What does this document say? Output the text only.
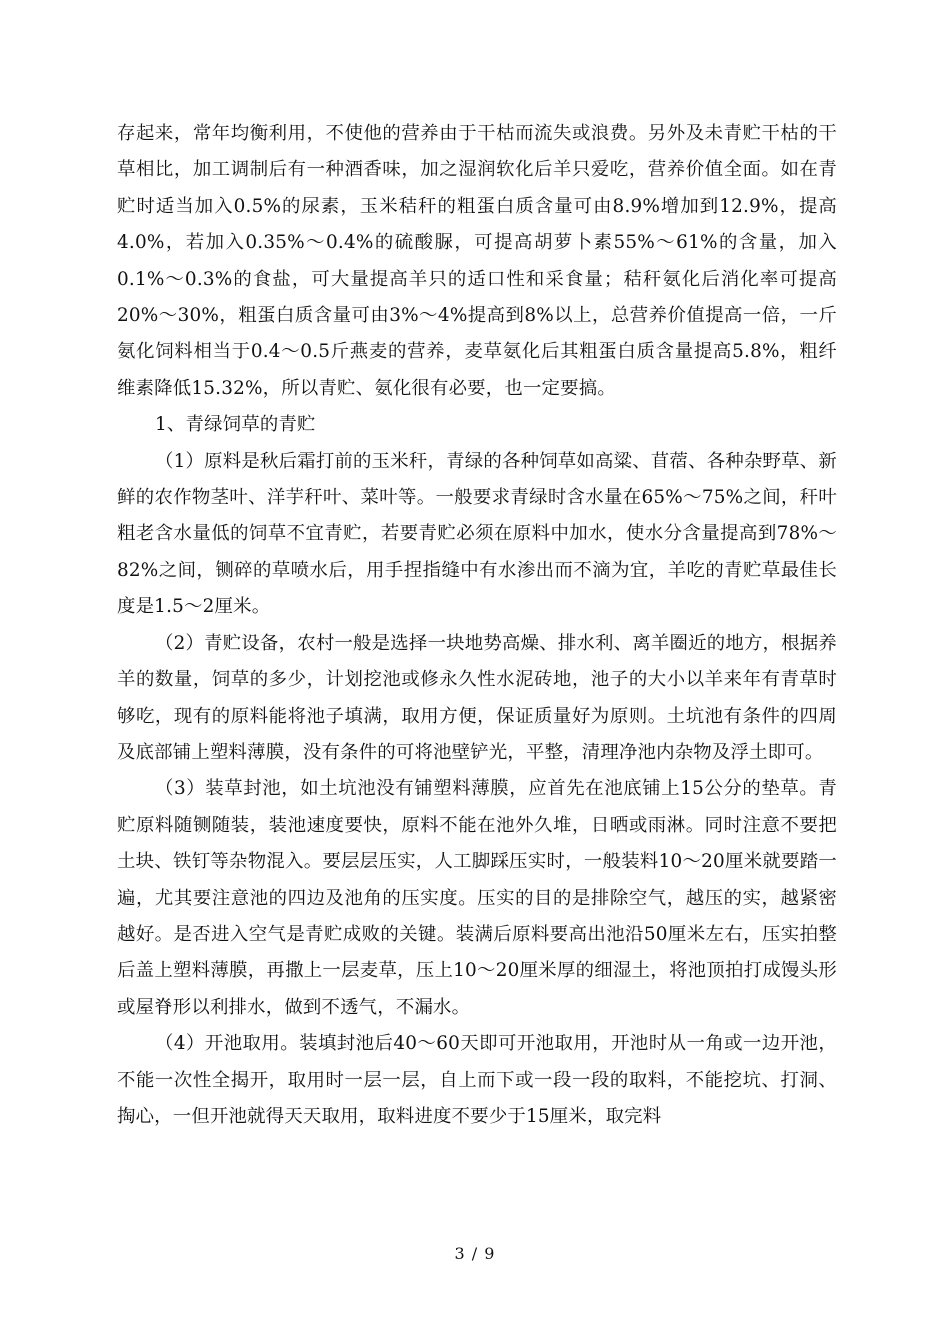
存起来，常年均衡利用，不使他的营养由于干枯而流失或浪费。另外及未青贮干枯的干草相比，加工调制后有一种酒香味，加之湿润软化后羊只爱吃，营养价值全面。如在青贮时适当加入0.5%的尿素，玉米秸秆的粗蛋白质含量可由8.9%增加到12.9%，提高4.0%，若加入0.35%～0.4%的硫酸脲，可提高胡萝卜素55%～61%的含量，加入0.1%～0.3%的食盐，可大量提高羊只的适口性和采食量；秸秆氨化后消化率可提高20%～30%，粗蛋白质含量可由3%～4%提高到8%以上，总营养价值提高一倍，一斤氨化饲料相当于0.4～0.5斤燕麦的营养，麦草氨化后其粗蛋白质含量提高5.8%，粗纤维素降低15.32%，所以青贮、氨化很有必要，也一定要搞。

1、青绿饲草的青贮

（1）原料是秋后霜打前的玉米秆，青绿的各种饲草如高粱、苜蓿、各种杂野草、新鲜的农作物茎叶、洋芋秆叶、菜叶等。一般要求青绿时含水量在65%～75%之间，秆叶粗老含水量低的饲草不宜青贮，若要青贮必须在原料中加水，使水分含量提高到78%～82%之间，铡碎的草喷水后，用手捏指缝中有水渗出而不滴为宜，羊吃的青贮草最佳长度是1.5～2厘米。

（2）青贮设备，农村一般是选择一块地势高燥、排水利、离羊圈近的地方，根据养羊的数量，饲草的多少，计划挖池或修永久性水泥砖地，池子的大小以羊来年有青草时够吃，现有的原料能将池子填满，取用方便，保证质量好为原则。土坑池有条件的四周及底部铺上塑料薄膜，没有条件的可将池壁铲光，平整，清理净池内杂物及浮土即可。

（3）装草封池，如土坑池没有铺塑料薄膜，应首先在池底铺上15公分的垫草。青贮原料随铡随装，装池速度要快，原料不能在池外久堆，日晒或雨淋。同时注意不要把土块、铁钉等杂物混入。要层层压实，人工脚踩压实时，一般装料10～20厘米就要踏一遍，尤其要注意池的四边及池角的压实度。压实的目的是排除空气，越压的实，越紧密越好。是否进入空气是青贮成败的关键。装满后原料要高出池沿50厘米左右，压实拍整后盖上塑料薄膜，再撒上一层麦草，压上10～20厘米厚的细湿土，将池顶拍打成馒头形或屋脊形以利排水，做到不透气，不漏水。

（4）开池取用。装填封池后40～60天即可开池取用，开池时从一角或一边开池，不能一次性全揭开，取用时一层一层，自上而下或一段一段的取料，不能挖坑、打洞、掏心，一但开池就得天天取用，取料进度不要少于15厘米，取完料

3 / 9
